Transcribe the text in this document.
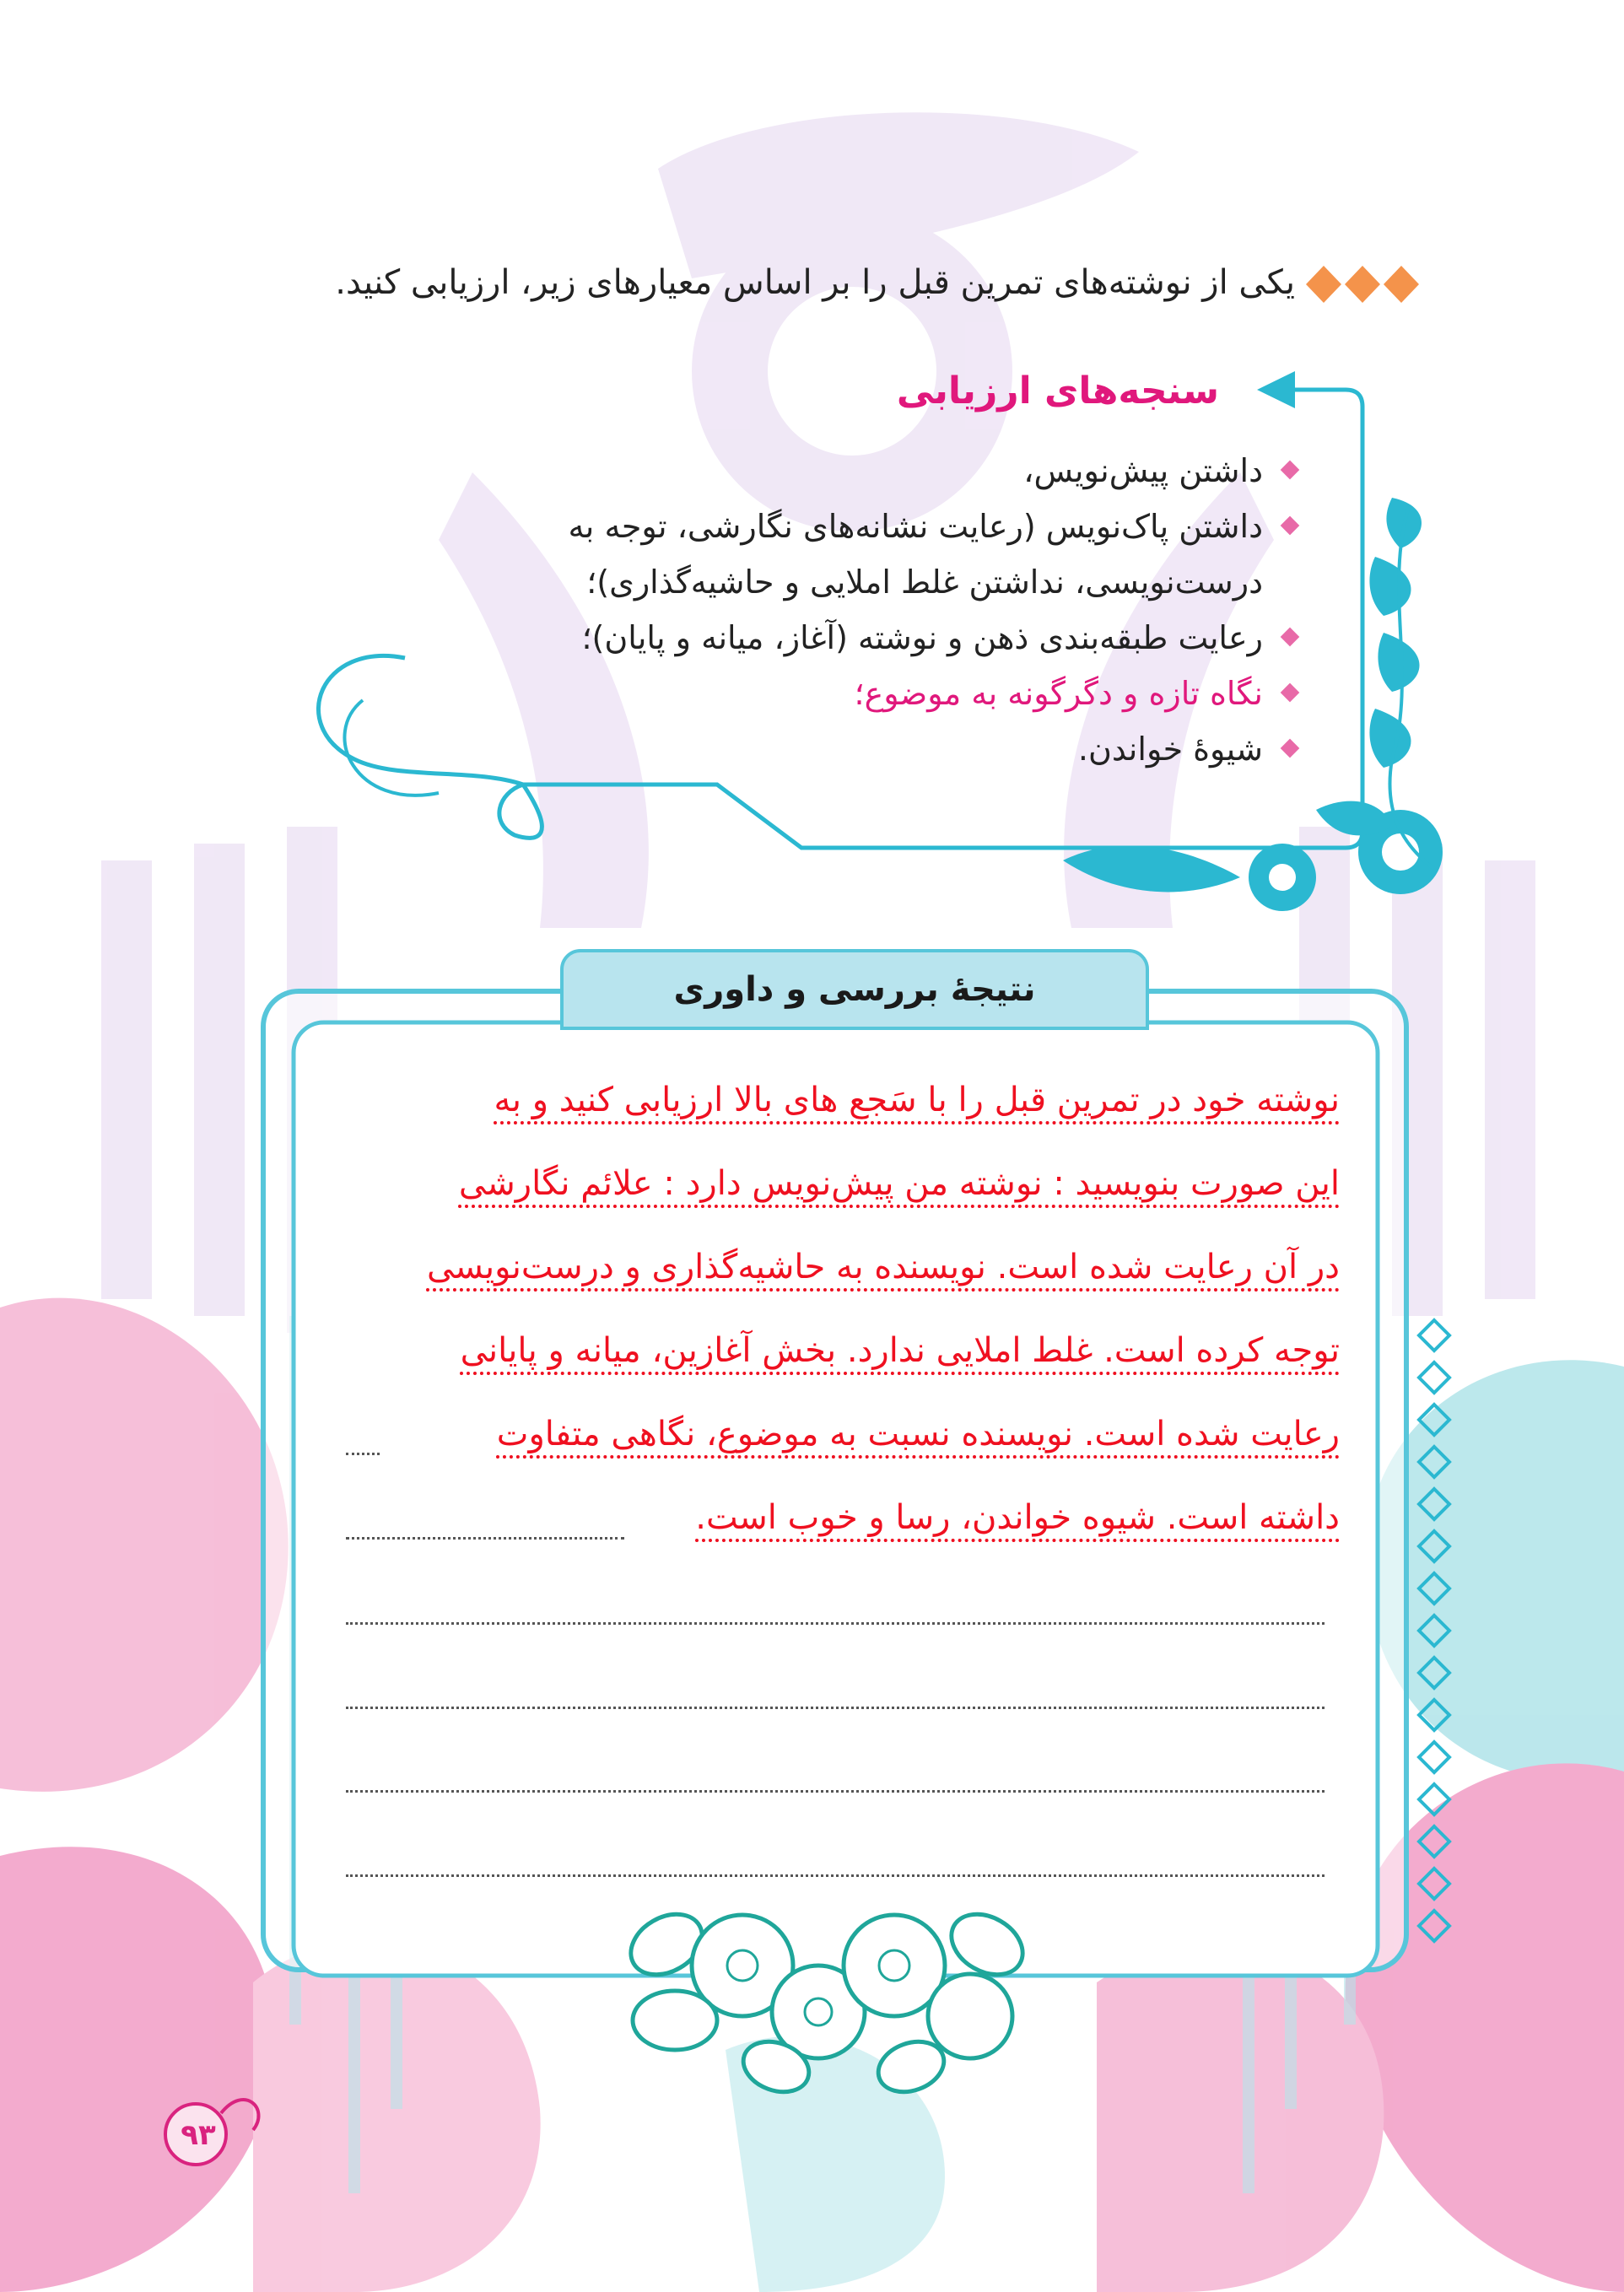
یکی از نوشته‌های تمرین قبل را بر اساس معیارهای زیر، ارزیابی کنید.
سنجه‌های ارزیابی
داشتن پیش‌نویس،
داشتن پاک‌نویس (رعایت نشانه‌های نگارشی، توجه به
درست‌نویسی، نداشتن غلط املایی و حاشیه‌گذاری)؛
رعایت طبقه‌بندی ذهن و نوشته (آغاز، میانه و پایان)؛
نگاه تازه و دگرگونه به موضوع؛
شیوهٔ خواندن.
نتیجهٔ بررسی و داوری

نوشته خود در تمرین قبل را با سَجع های بالا ارزیابی کنید و به

این صورت بنویسید : نوشته من پیش‌نویس دارد : علائم نگارشی

در آن رعایت شده است. نویسنده به حاشیه‌گذاری و درست‌نویسی

توجه کرده است. غلط املایی ندارد. بخش آغازین، میانه و پایانی

رعایت شده است. نویسنده نسبت به موضوع، نگاهی متفاوت

داشته است. شیوه خواندن، رسا و خوب است.

۹۳
